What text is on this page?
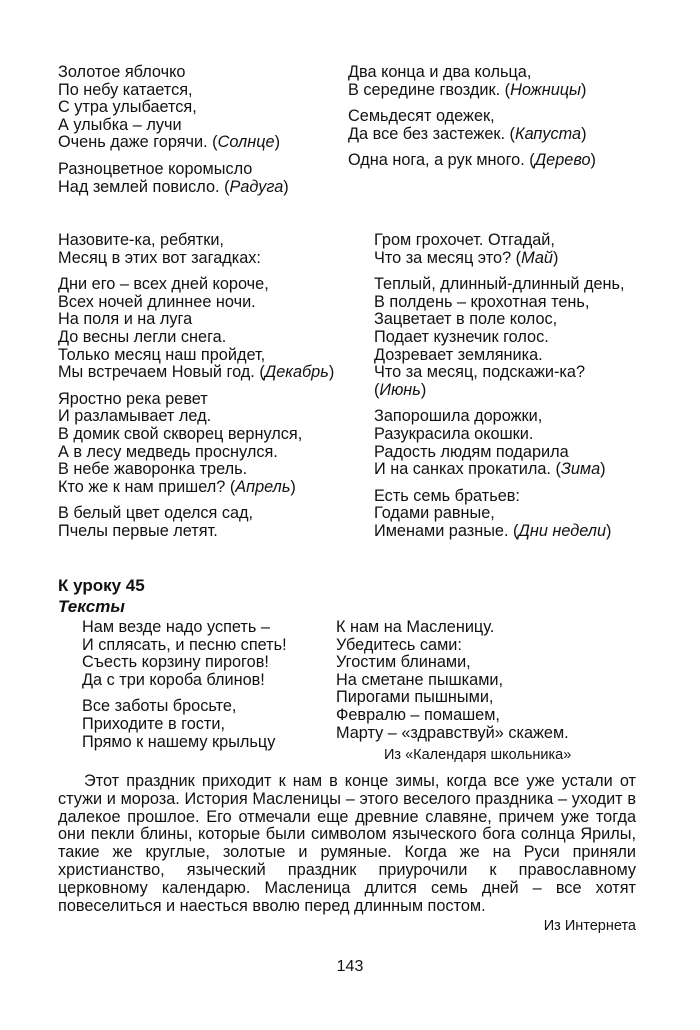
Золотое яблочко
По небу катается,
С утра улыбается,
А улыбка – лучи
Очень даже горячи. (Солнце)
Разноцветное коромысло
Над землей повисло. (Радуга)
Два конца и два кольца,
В середине гвоздик. (Ножницы)
Семьдесят одежек,
Да все без застежек. (Капуста)
Одна нога, а рук много. (Дерево)
Назовите-ка, ребятки,
Месяц в этих вот загадках:
Дни его – всех дней короче,
Всех ночей длиннее ночи.
На поля и на луга
До весны легли снега.
Только месяц наш пройдет,
Мы встречаем Новый год. (Декабрь)
Яростно река ревет
И разламывает лед.
В домик свой скворец вернулся,
А в лесу медведь проснулся.
В небе жаворонка трель.
Кто же к нам пришел? (Апрель)
В белый цвет оделся сад,
Пчелы первые летят.
Гром грохочет. Отгадай,
Что за месяц это? (Май)
Теплый, длинный-длинный день,
В полдень – крохотная тень,
Зацветает в поле колос,
Подает кузнечик голос.
Дозревает земляника.
Что за месяц, подскажи-ка?
(Июнь)
Запорошила дорожки,
Разукрасила окошки.
Радость людям подарила
И на санках прокатила. (Зима)
Есть семь братьев:
Годами равные,
Именами разные. (Дни недели)
К уроку 45
Тексты
Нам везде надо успеть –
И сплясать, и песню спеть!
Съесть корзину пирогов!
Да с три короба блинов!
Все заботы бросьте,
Приходите в гости,
Прямо к нашему крыльцу
К нам на Масленицу.
Убедитесь сами:
Угостим блинами,
На сметане пышками,
Пирогами пышными,
Февралю – помашем,
Марту – «здравствуй» скажем.
Из «Календаря школьника»
Этот праздник приходит к нам в конце зимы, когда все уже устали от стужи и мороза. История Масленицы – этого веселого праздника – уходит в далекое прошлое. Его отмечали еще древние славяне, причем уже тогда они пекли блины, которые были символом языческого бога солнца Ярилы, такие же круглые, золотые и румяные. Когда же на Руси приняли христианство, языческий праздник приурочили к православному церковному календарю. Масленица длится семь дней – все хотят повеселиться и наесться вволю перед длинным постом.
Из Интернета
143
